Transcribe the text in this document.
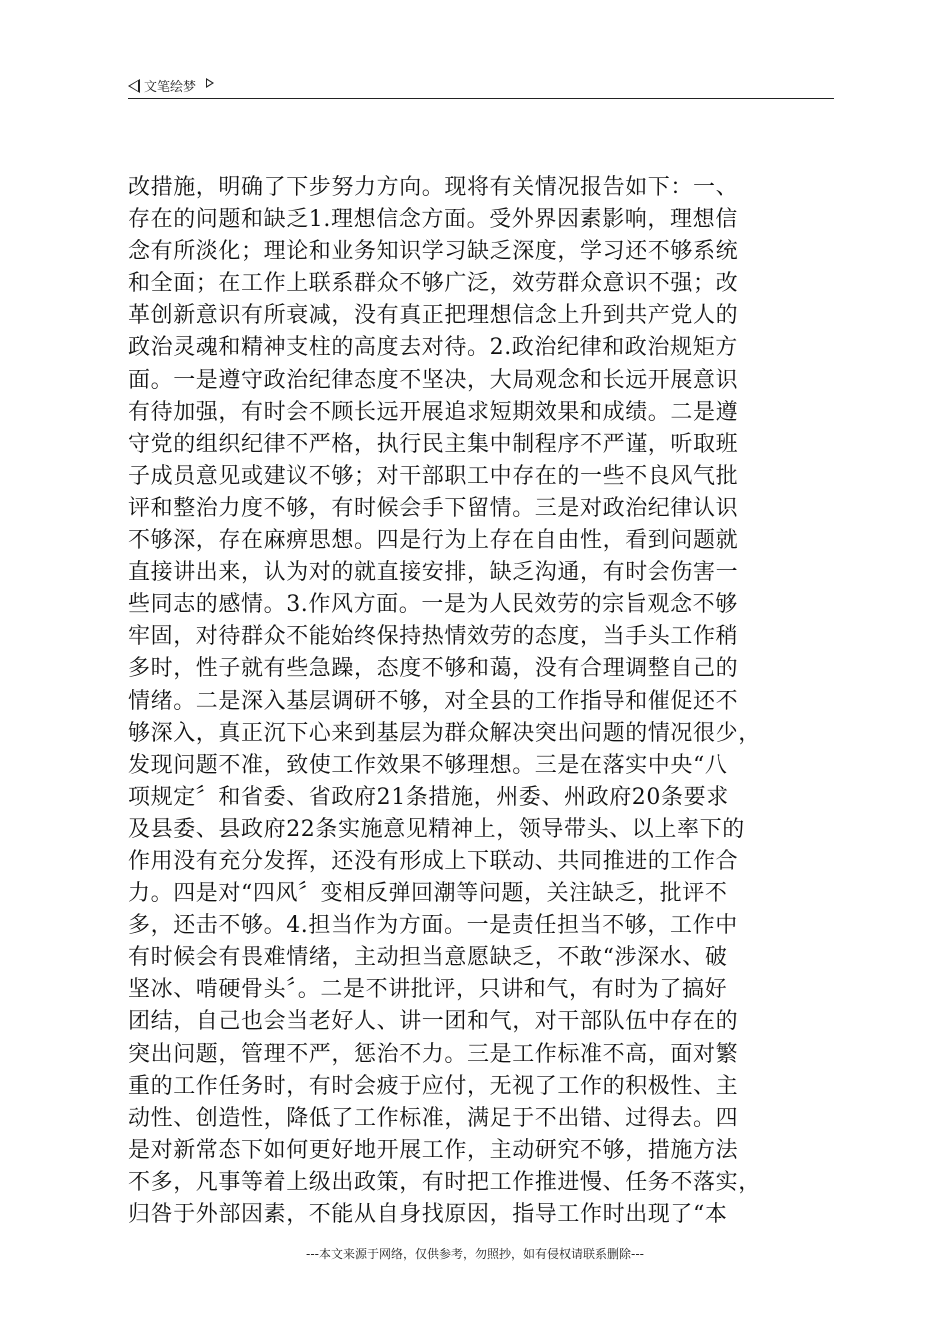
文笔绘梦
改措施，明确了下步努力方向。现将有关情况报告如下：一、
存在的问题和缺乏1.理想信念方面。受外界因素影响，理想信
念有所淡化；理论和业务知识学习缺乏深度，学习还不够系统
和全面；在工作上联系群众不够广泛，效劳群众意识不强；改
革创新意识有所衰减，没有真正把理想信念上升到共产党人的
政治灵魂和精神支柱的高度去对待。2.政治纪律和政治规矩方
面。一是遵守政治纪律态度不坚决，大局观念和长远开展意识
有待加强，有时会不顾长远开展追求短期效果和成绩。二是遵
守党的组织纪律不严格，执行民主集中制程序不严谨，听取班
子成员意见或建议不够；对干部职工中存在的一些不良风气批
评和整治力度不够，有时候会手下留情。三是对政治纪律认识
不够深，存在麻痹思想。四是行为上存在自由性，看到问题就
直接讲出来，认为对的就直接安排，缺乏沟通，有时会伤害一
些同志的感情。3.作风方面。一是为人民效劳的宗旨观念不够
牢固，对待群众不能始终保持热情效劳的态度，当手头工作稍
多时，性子就有些急躁，态度不够和蔼，没有合理调整自己的
情绪。二是深入基层调研不够，对全县的工作指导和催促还不
够深入，真正沉下心来到基层为群众解决突出问题的情况很少，
发现问题不准，致使工作效果不够理想。三是在落实中央“八
项规定〞和省委、省政府21条措施，州委、州政府20条要求
及县委、县政府22条实施意见精神上，领导带头、以上率下的
作用没有充分发挥，还没有形成上下联动、共同推进的工作合
力。四是对“四风〞变相反弹回潮等问题，关注缺乏，批评不
多，还击不够。4.担当作为方面。一是责任担当不够，工作中
有时候会有畏难情绪，主动担当意愿缺乏，不敢“涉深水、破
坚冰、啃硬骨头〞。二是不讲批评，只讲和气，有时为了搞好
团结，自己也会当老好人、讲一团和气，对干部队伍中存在的
突出问题，管理不严，惩治不力。三是工作标准不高，面对繁
重的工作任务时，有时会疲于应付，无视了工作的积极性、主
动性、创造性，降低了工作标准，满足于不出错、过得去。四
是对新常态下如何更好地开展工作，主动研究不够，措施方法
不多，凡事等着上级出政策，有时把工作推进慢、任务不落实，
归咎于外部因素，不能从自身找原因，指导工作时出现了“本
---本文来源于网络，仅供参考，勿照抄，如有侵权请联系删除---
